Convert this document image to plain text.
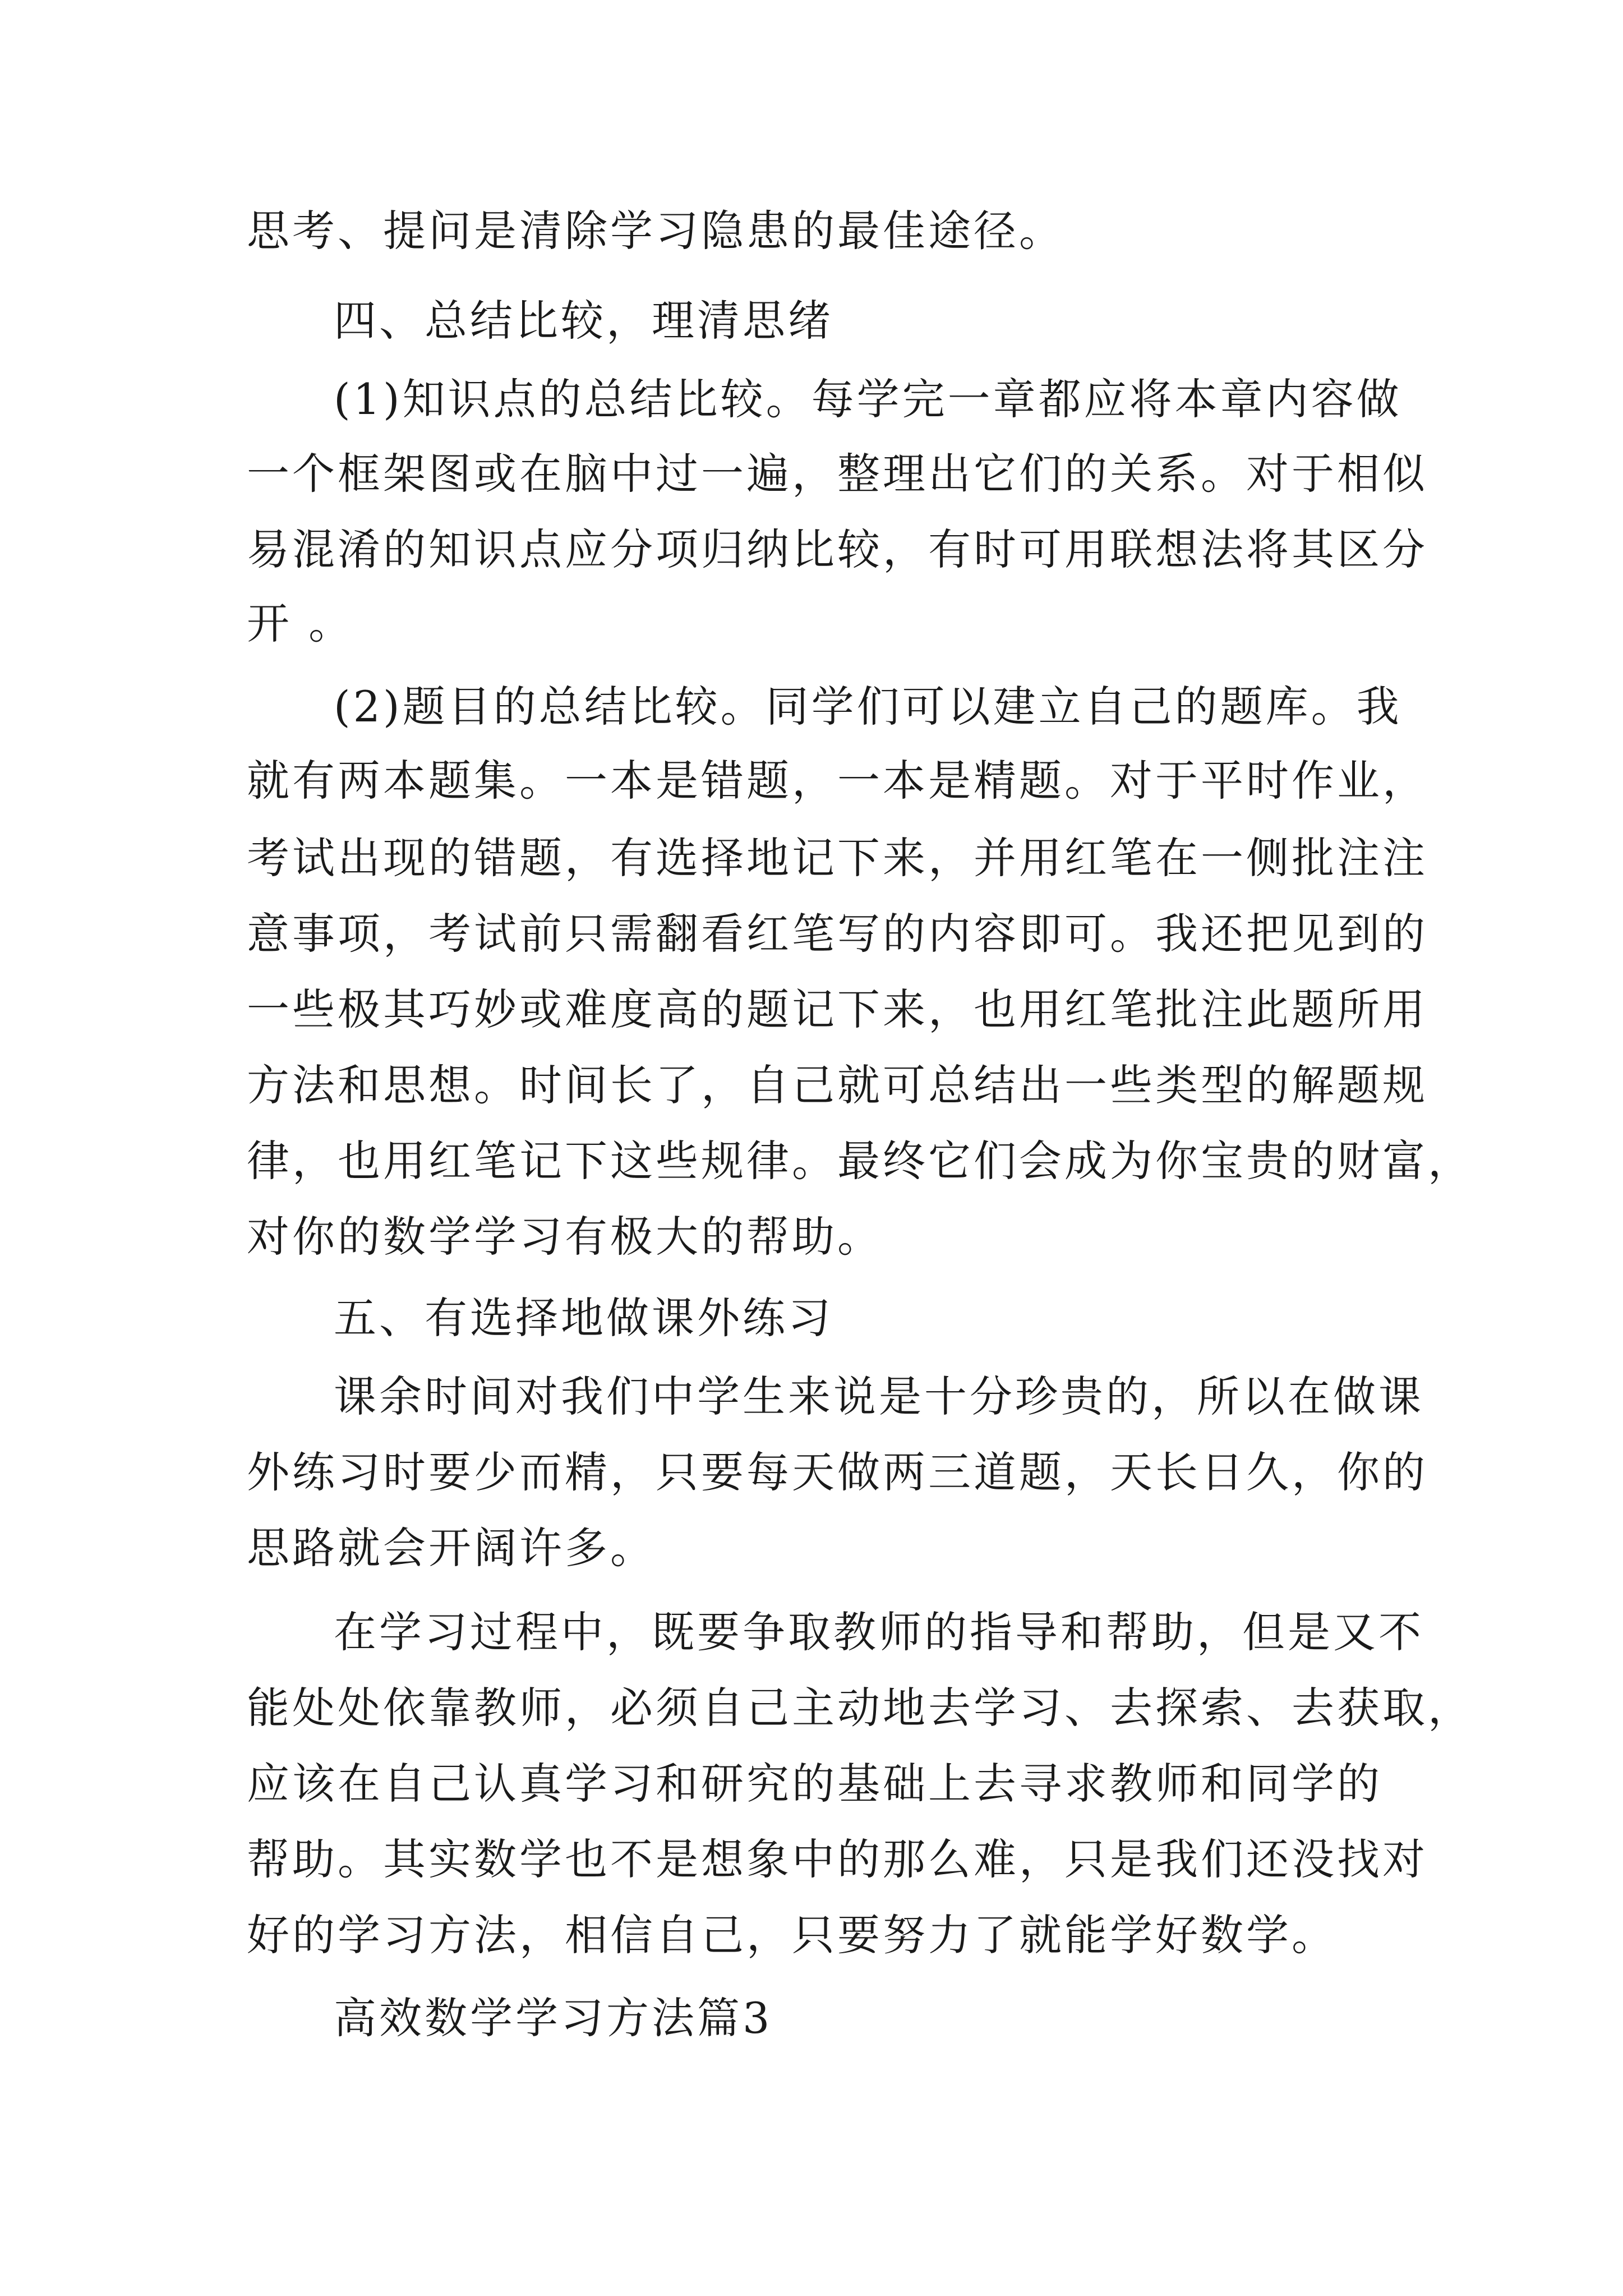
思考、提问是清除学习隐患的最佳途径。
四、总结比较，理清思绪
(1)知识点的总结比较。每学完一章都应将本章内容做
一个框架图或在脑中过一遍，整理出它们的关系。对于相似
易混淆的知识点应分项归纳比较，有时可用联想法将其区分
开 。
(2)题目的总结比较。同学们可以建立自己的题库。我
就有两本题集。一本是错题，一本是精题。对于平时作业，
考试出现的错题，有选择地记下来，并用红笔在一侧批注注
意事项，考试前只需翻看红笔写的内容即可。我还把见到的
一些极其巧妙或难度高的题记下来，也用红笔批注此题所用
方法和思想。时间长了，自己就可总结出一些类型的解题规
律，也用红笔记下这些规律。最终它们会成为你宝贵的财富，
对你的数学学习有极大的帮助。
五、有选择地做课外练习
课余时间对我们中学生来说是十分珍贵的，所以在做课
外练习时要少而精，只要每天做两三道题，天长日久，你的
思路就会开阔许多。
在学习过程中，既要争取教师的指导和帮助，但是又不
能处处依靠教师，必须自己主动地去学习、去探索、去获取，
应该在自己认真学习和研究的基础上去寻求教师和同学的
帮助。其实数学也不是想象中的那么难，只是我们还没找对
好的学习方法，相信自己，只要努力了就能学好数学。
高效数学学习方法篇3
